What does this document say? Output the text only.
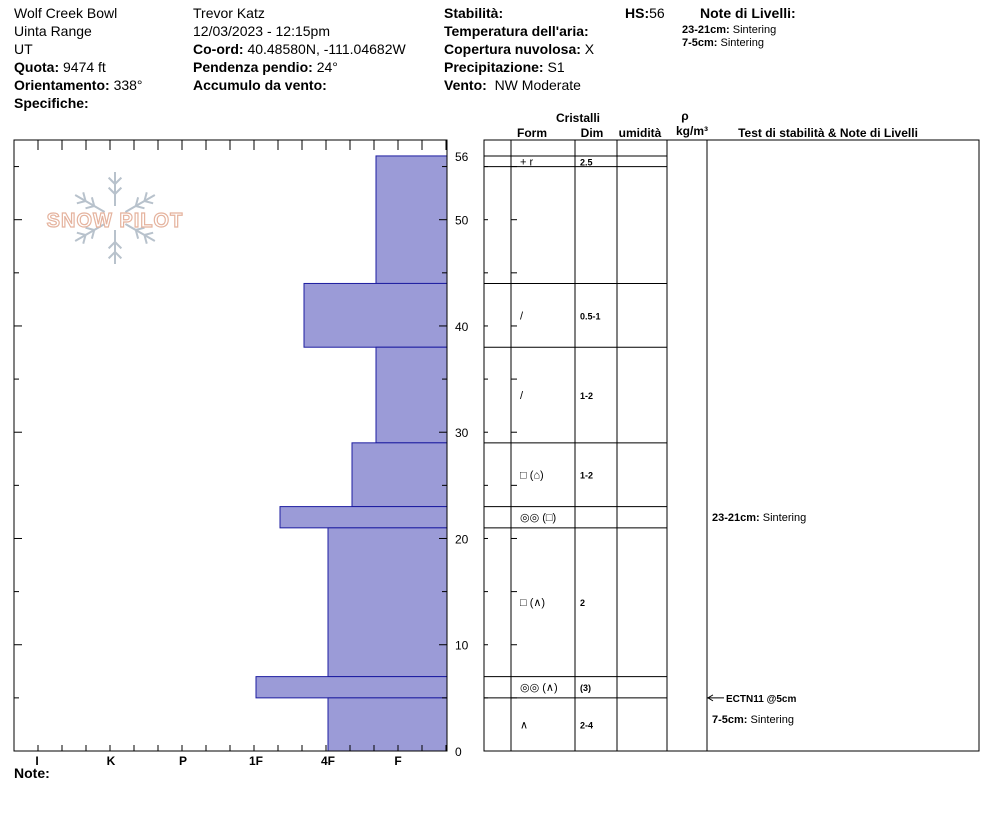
Wolf Creek Bowl
Uinta Range
UT
Quota: 9474 ft
Orientamento: 338°
Specifiche:
Trevor Katz
12/03/2023 - 12:15pm
Co-ord: 40.48580N, -111.04682W
Pendenza pendio: 24°
Accumulo da vento:
Stabilità:
Temperatura dell'aria:
Copertura nuvolosa: X
Precipitazione: S1
Vento: NW Moderate
HS:56	Note di Livelli:
23-21cm: Sintering
7-5cm: Sintering
SNOW PILOT
0
10
20
30
40
50
56
I	K	P	1F	4F	F
Cristalli
Form	Dim umidità
ρ
kg/m³	Test di stabilità & Note di Livelli
+ r	2.5
/	0.5-1
/	1-2
□ (⌂)	1-2
◎◎ (□)
□ (∧)	2
◎◎ (∧) (3)
∧	2-4
ECTN11 @5cm
23-21cm: Sintering
7-5cm: Sintering
Note:
